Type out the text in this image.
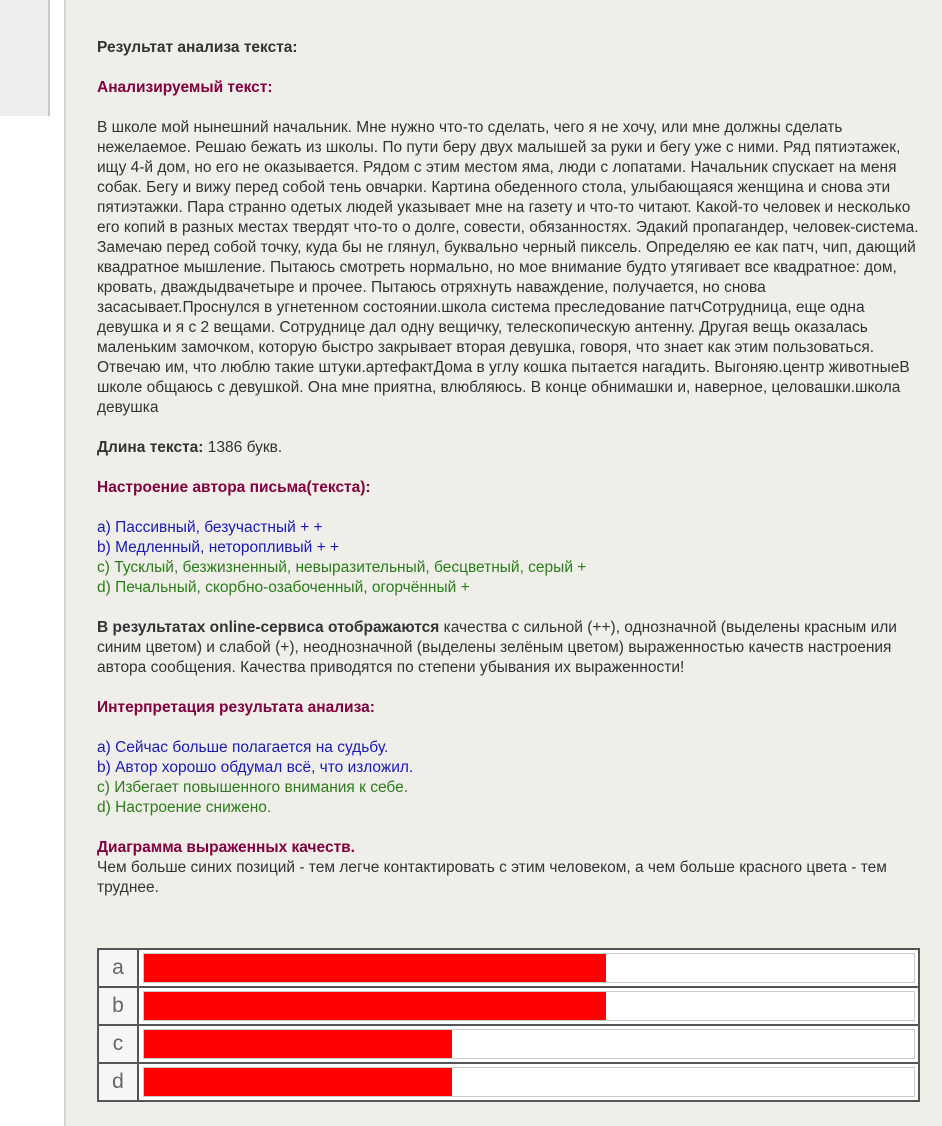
Результат анализа текста:
Анализируемый текст:
В школе мой нынешний начальник. Мне нужно что-то сделать, чего я не хочу, или мне должны сделать нежелаемое. Решаю бежать из школы. По пути беру двух малышей за руки и бегу уже с ними. Ряд пятиэтажек, ищу 4-й дом, но его не оказывается. Рядом с этим местом яма, люди с лопатами. Начальник спускает на меня собак. Бегу и вижу перед собой тень овчарки. Картина обеденного стола, улыбающаяся женщина и снова эти пятиэтажки. Пара странно одетых людей указывает мне на газету и что-то читают. Какой-то человек и несколько его копий в разных местах твердят что-то о долге, совести, обязанностях. Эдакий пропагандер, человек-система. Замечаю перед собой точку, куда бы не глянул, буквально черный пиксель. Определяю ее как патч, чип, дающий квадратное мышление. Пытаюсь смотреть нормально, но мое внимание будто утягивает все квадратное: дом, кровать, дваждыдвачетыре и прочее. Пытаюсь отряхнуть наваждение, получается, но снова засасывает.Проснулся в угнетенном состоянии.школа система преследование патчСотрудница, еще одна девушка и я с 2 вещами. Сотруднице дал одну вещичку, телескопическую антенну. Другая вещь оказалась маленьким замочком, которую быстро закрывает вторая девушка, говоря, что знает как этим пользоваться. Отвечаю им, что люблю такие штуки.артефактДома в углу кошка пытается нагадить. Выгоняю.центр животныеВ школе общаюсь с девушкой. Она мне приятна, влюбляюсь. В конце обнимашки и, наверное, целовашки.школа девушка
Длина текста: 1386 букв.
Настроение автора письма(текста):
a) Пассивный, безучастный + +
b) Медленный, неторопливый + +
c) Тусклый, безжизненный, невыразительный, бесцветный, серый +
d) Печальный, скорбно-озабоченный, огорчённый +
В результатах online-сервиса отображаются качества с сильной (++), однозначной (выделены красным или синим цветом) и слабой (+), неоднозначной (выделены зелёным цветом) выраженностью качеств настроения автора сообщения. Качества приводятся по степени убывания их выраженности!
Интерпретация результата анализа:
a) Сейчас больше полагается на судьбу.
b) Автор хорошо обдумал всё, что изложил.
c) Избегает повышенного внимания к себе.
d) Настроение снижено.
Диаграмма выраженных качеств.
Чем больше синих позиций - тем легче контактировать с этим человеком, а чем больше красного цвета - тем труднее.
a
b
c
d
